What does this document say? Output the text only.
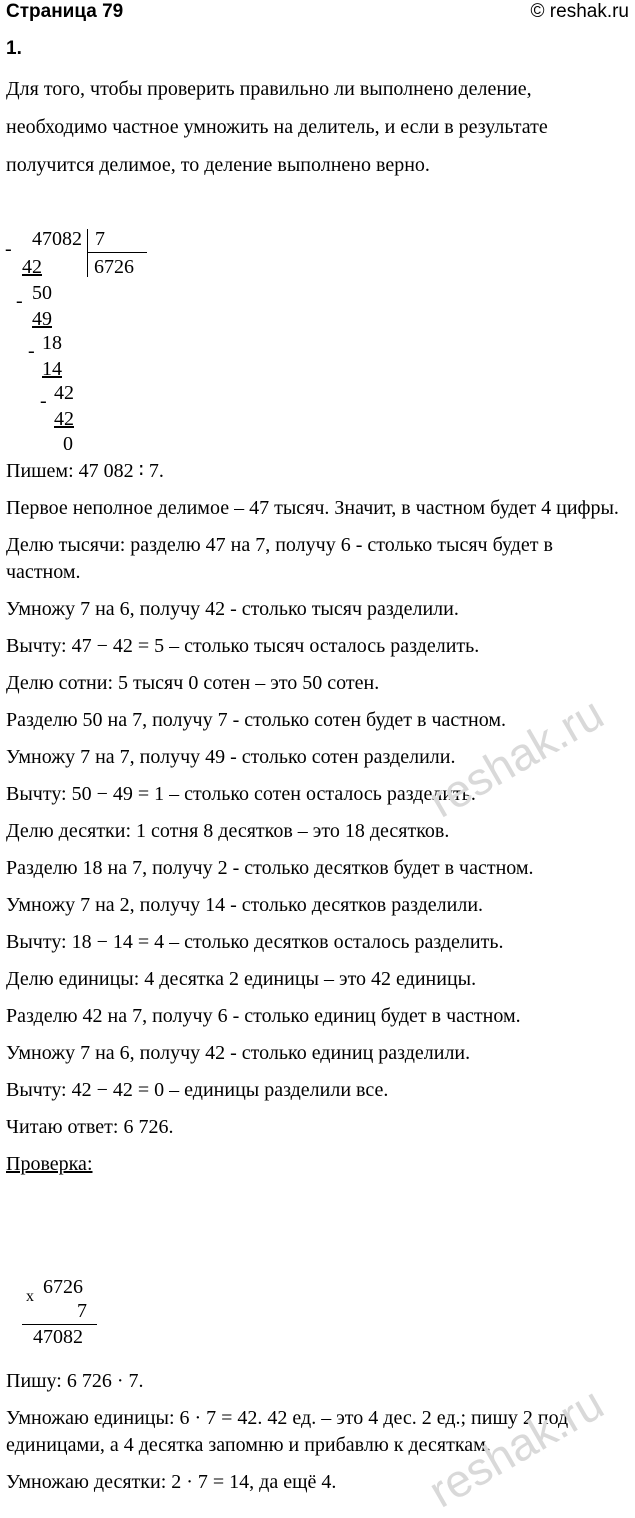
Страница 79	© reshak.ru
1.

Для того, чтобы проверить правильно ли выполнено деление, необходимо частное умножить на делитель, и если в результате получится делимое, то деление выполнено верно.

- 47082 7
6726
42
- 50
49
- 18
14
- 42
42
0
Пишем: 47 082 ∶ 7.
Первое неполное делимое – 47 тысяч. Значит, в частном будет 4 цифры.
Делю тысячи: разделю 47 на 7, получу 6 - столько тысяч будет в частном.
Умножу 7 на 6, получу 42 - столько тысяч разделили.
Вычту: 47 − 42 = 5 – столько тысяч осталось разделить.
Делю сотни: 5 тысяч 0 сотен – это 50 сотен.
Разделю 50 на 7, получу 7 - столько сотен будет в частном.
Умножу 7 на 7, получу 49 - столько сотен разделили.
Вычту: 50 − 49 = 1 – столько сотен осталось разделить.
Делю десятки: 1 сотня 8 десятков – это 18 десятков.
Разделю 18 на 7, получу 2 - столько десятков будет в частном.
Умножу 7 на 2, получу 14 - столько десятков разделили.
Вычту: 18 − 14 = 4 – столько десятков осталось разделить.
Делю единицы: 4 десятка 2 единицы – это 42 единицы.
Разделю 42 на 7, получу 6 - столько единиц будет в частном.
Умножу 7 на 6, получу 42 - столько единиц разделили.
Вычту: 42 − 42 = 0 – единицы разделили все.
Читаю ответ: 6 726.
Проверка:
x 6726
7
47082
Пишу: 6 726 · 7.
Умножаю единицы: 6 · 7 = 42. 42 ед. – это 4 дес. 2 ед.; пишу 2 под единицами, а 4 десятка запомню и прибавлю к десяткам.
Умножаю десятки: 2 · 7 = 14, да ещё 4.
reshak.ru
reshak.ru
